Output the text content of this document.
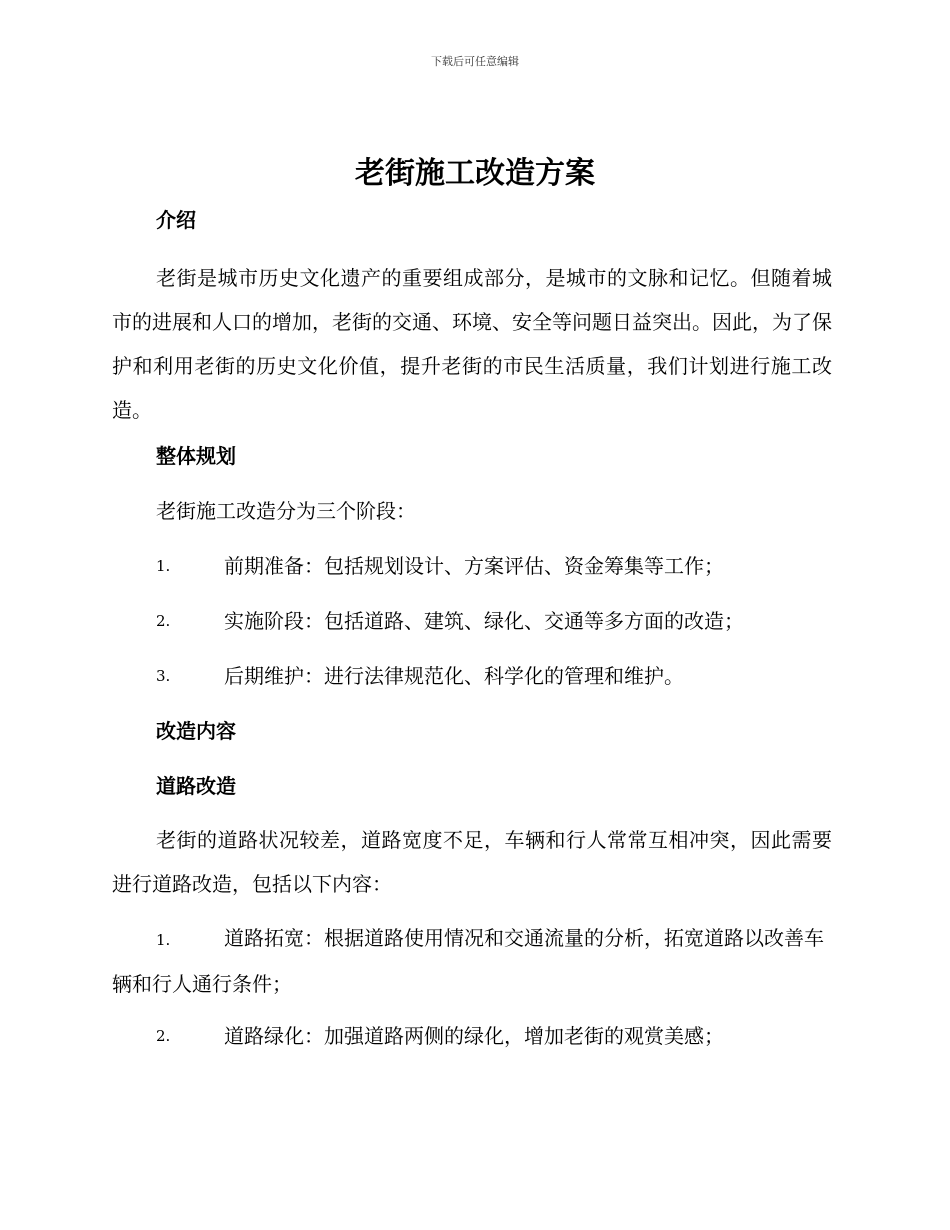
下载后可任意编辑
老街施工改造方案
介绍

老街是城市历史文化遗产的重要组成部分，是城市的文脉和记忆。但随着城市的进展和人口的增加，老街的交通、环境、安全等问题日益突出。因此，为了保护和利用老街的历史文化价值，提升老街的市民生活质量，我们计划进行施工改造。

整体规划
老街施工改造分为三个阶段：
1.	前期准备：包括规划设计、方案评估、资金筹集等工作；
2.	实施阶段：包括道路、建筑、绿化、交通等多方面的改造；
3.	后期维护：进行法律规范化、科学化的管理和维护。
改造内容
道路改造

老街的道路状况较差，道路宽度不足，车辆和行人常常互相冲突，因此需要进行道路改造，包括以下内容：

1.	道路拓宽：根据道路使用情况和交通流量的分析，拓宽道路以改善车辆和行人通行条件；

2.	道路绿化：加强道路两侧的绿化，增加老街的观赏美感；
